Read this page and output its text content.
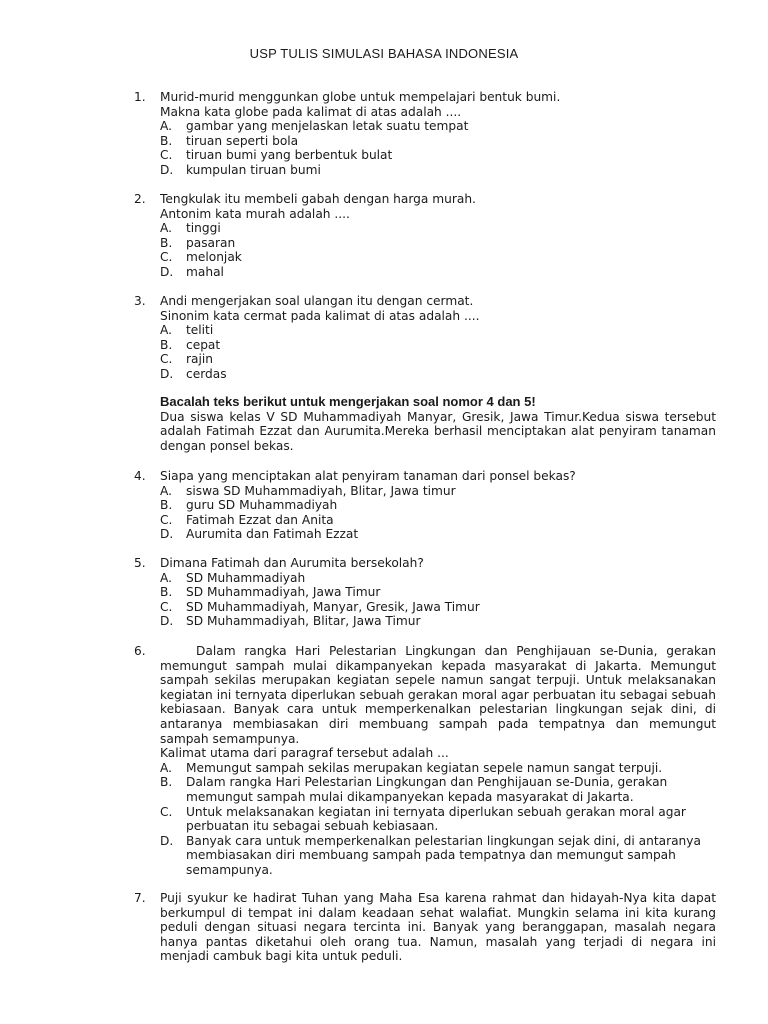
USP TULIS SIMULASI BAHASA INDONESIA
1. Murid-murid menggunkan globe untuk mempelajari bentuk bumi.
Makna kata globe pada kalimat di atas adalah ....
A. gambar yang menjelaskan letak suatu tempat
B. tiruan seperti bola
C. tiruan bumi yang berbentuk bulat
D. kumpulan tiruan bumi
2. Tengkulak itu membeli gabah dengan harga murah.
Antonim kata murah adalah ....
A. tinggi
B. pasaran
C. melonjak
D. mahal
3. Andi mengerjakan soal ulangan itu dengan cermat.
Sinonim kata cermat pada kalimat di atas adalah ....
A. teliti
B. cepat
C. rajin
D. cerdas
Bacalah teks berikut untuk mengerjakan soal nomor 4 dan 5!
Dua siswa kelas V SD Muhammadiyah Manyar, Gresik, Jawa Timur.Kedua siswa tersebut adalah Fatimah Ezzat dan Aurumita.Mereka berhasil menciptakan alat penyiram tanaman dengan ponsel bekas.
4. Siapa yang menciptakan alat penyiram tanaman dari ponsel bekas?
A. siswa SD Muhammadiyah, Blitar, Jawa timur
B. guru SD Muhammadiyah
C. Fatimah Ezzat dan Anita
D. Aurumita dan Fatimah Ezzat
5. Dimana Fatimah dan Aurumita bersekolah?
A. SD Muhammadiyah
B. SD Muhammadiyah, Jawa Timur
C. SD Muhammadiyah, Manyar, Gresik, Jawa Timur
D. SD Muhammadiyah, Blitar, Jawa Timur
6.	Dalam rangka Hari Pelestarian Lingkungan dan Penghijauan se-Dunia, gerakan memungut sampah mulai dikampanyekan kepada masyarakat di Jakarta. Memungut sampah sekilas merupakan kegiatan sepele namun sangat terpuji. Untuk melaksanakan kegiatan ini ternyata diperlukan sebuah gerakan moral agar perbuatan itu sebagai sebuah kebiasaan. Banyak cara untuk memperkenalkan pelestarian lingkungan sejak dini, di antaranya membiasakan diri membuang sampah pada tempatnya dan memungut sampah semampunya.
Kalimat utama dari paragraf tersebut adalah ...
A. Memungut sampah sekilas merupakan kegiatan sepele namun sangat terpuji.
B. Dalam rangka Hari Pelestarian Lingkungan dan Penghijauan se-Dunia, gerakan memungut sampah mulai dikampanyekan kepada masyarakat di Jakarta.
C. Untuk melaksanakan kegiatan ini ternyata diperlukan sebuah gerakan moral agar perbuatan itu sebagai sebuah kebiasaan.
D. Banyak cara untuk memperkenalkan pelestarian lingkungan sejak dini, di antaranya membiasakan diri membuang sampah pada tempatnya dan memungut sampah semampunya.
7. Puji syukur ke hadirat Tuhan yang Maha Esa karena rahmat dan hidayah-Nya kita dapat berkumpul di tempat ini dalam keadaan sehat walafiat. Mungkin selama ini kita kurang peduli dengan situasi negara tercinta ini. Banyak yang beranggapan, masalah negara hanya pantas diketahui oleh orang tua. Namun, masalah yang terjadi di negara ini menjadi cambuk bagi kita untuk peduli.
